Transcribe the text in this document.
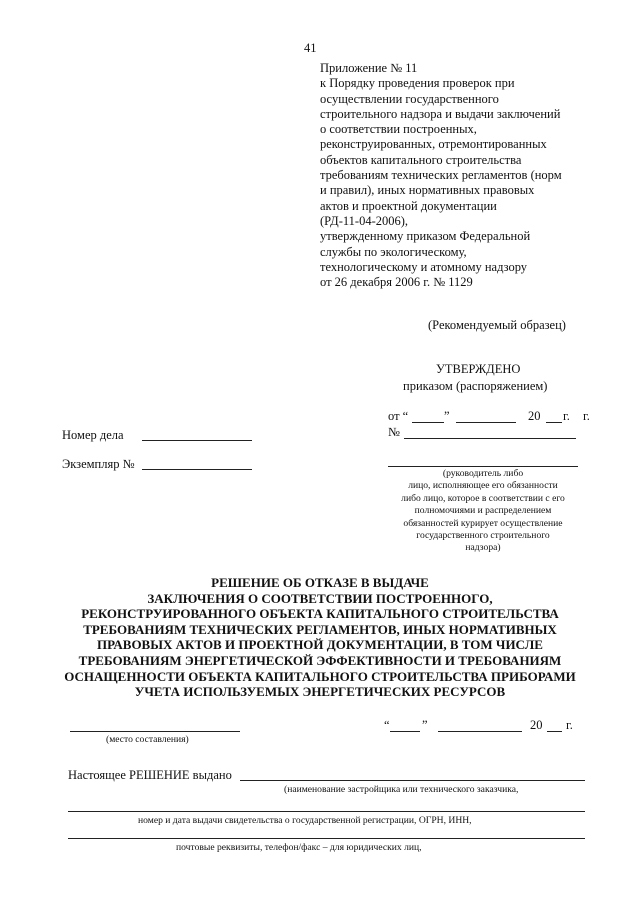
41
Приложение № 11
к Порядку проведения проверок при
осуществлении государственного
строительного надзора и выдачи заключений
о соответствии построенных,
реконструированных, отремонтированных
объектов капитального строительства
требованиям технических регламентов (норм
и правил), иных нормативных правовых
актов и проектной документации
(РД-11-04-2006),
утвержденному приказом Федеральной
службы по экологическому,
технологическому и атомному надзору
от 26 декабря 2006 г. № 1129
(Рекомендуемый образец)
УТВЕРЖДЕНО
приказом (распоряжением)
от “	”	20 г. г.
№
(руководитель либо
лицо, исполняющее его обязанности
либо лицо, которое в соответствии с его
полномочиями и распределением
обязанностей курирует осуществление
государственного строительного
надзора)
Номер дела
Экземпляр №
РЕШЕНИЕ ОБ ОТКАЗЕ В ВЫДАЧЕ
ЗАКЛЮЧЕНИЯ О СООТВЕТСТВИИ ПОСТРОЕННОГО,
РЕКОНСТРУИРОВАННОГО ОБЪЕКТА КАПИТАЛЬНОГО СТРОИТЕЛЬСТВА
ТРЕБОВАНИЯМ ТЕХНИЧЕСКИХ РЕГЛАМЕНТОВ, ИНЫХ НОРМАТИВНЫХ
ПРАВОВЫХ АКТОВ И ПРОЕКТНОЙ ДОКУМЕНТАЦИИ, В ТОМ ЧИСЛЕ
ТРЕБОВАНИЯМ ЭНЕРГЕТИЧЕСКОЙ ЭФФЕКТИВНОСТИ И ТРЕБОВАНИЯМ
ОСНАЩЕННОСТИ ОБЪЕКТА КАПИТАЛЬНОГО СТРОИТЕЛЬСТВА ПРИБОРАМИ
УЧЕТА ИСПОЛЬЗУЕМЫХ ЭНЕРГЕТИЧЕСКИХ РЕСУРСОВ
(место составления)
“	”	20 г.
Настоящее РЕШЕНИЕ выдано
(наименование застройщика или технического заказчика,
номер и дата выдачи свидетельства о государственной регистрации, ОГРН, ИНН,
почтовые реквизиты, телефон/факс – для юридических лиц,
